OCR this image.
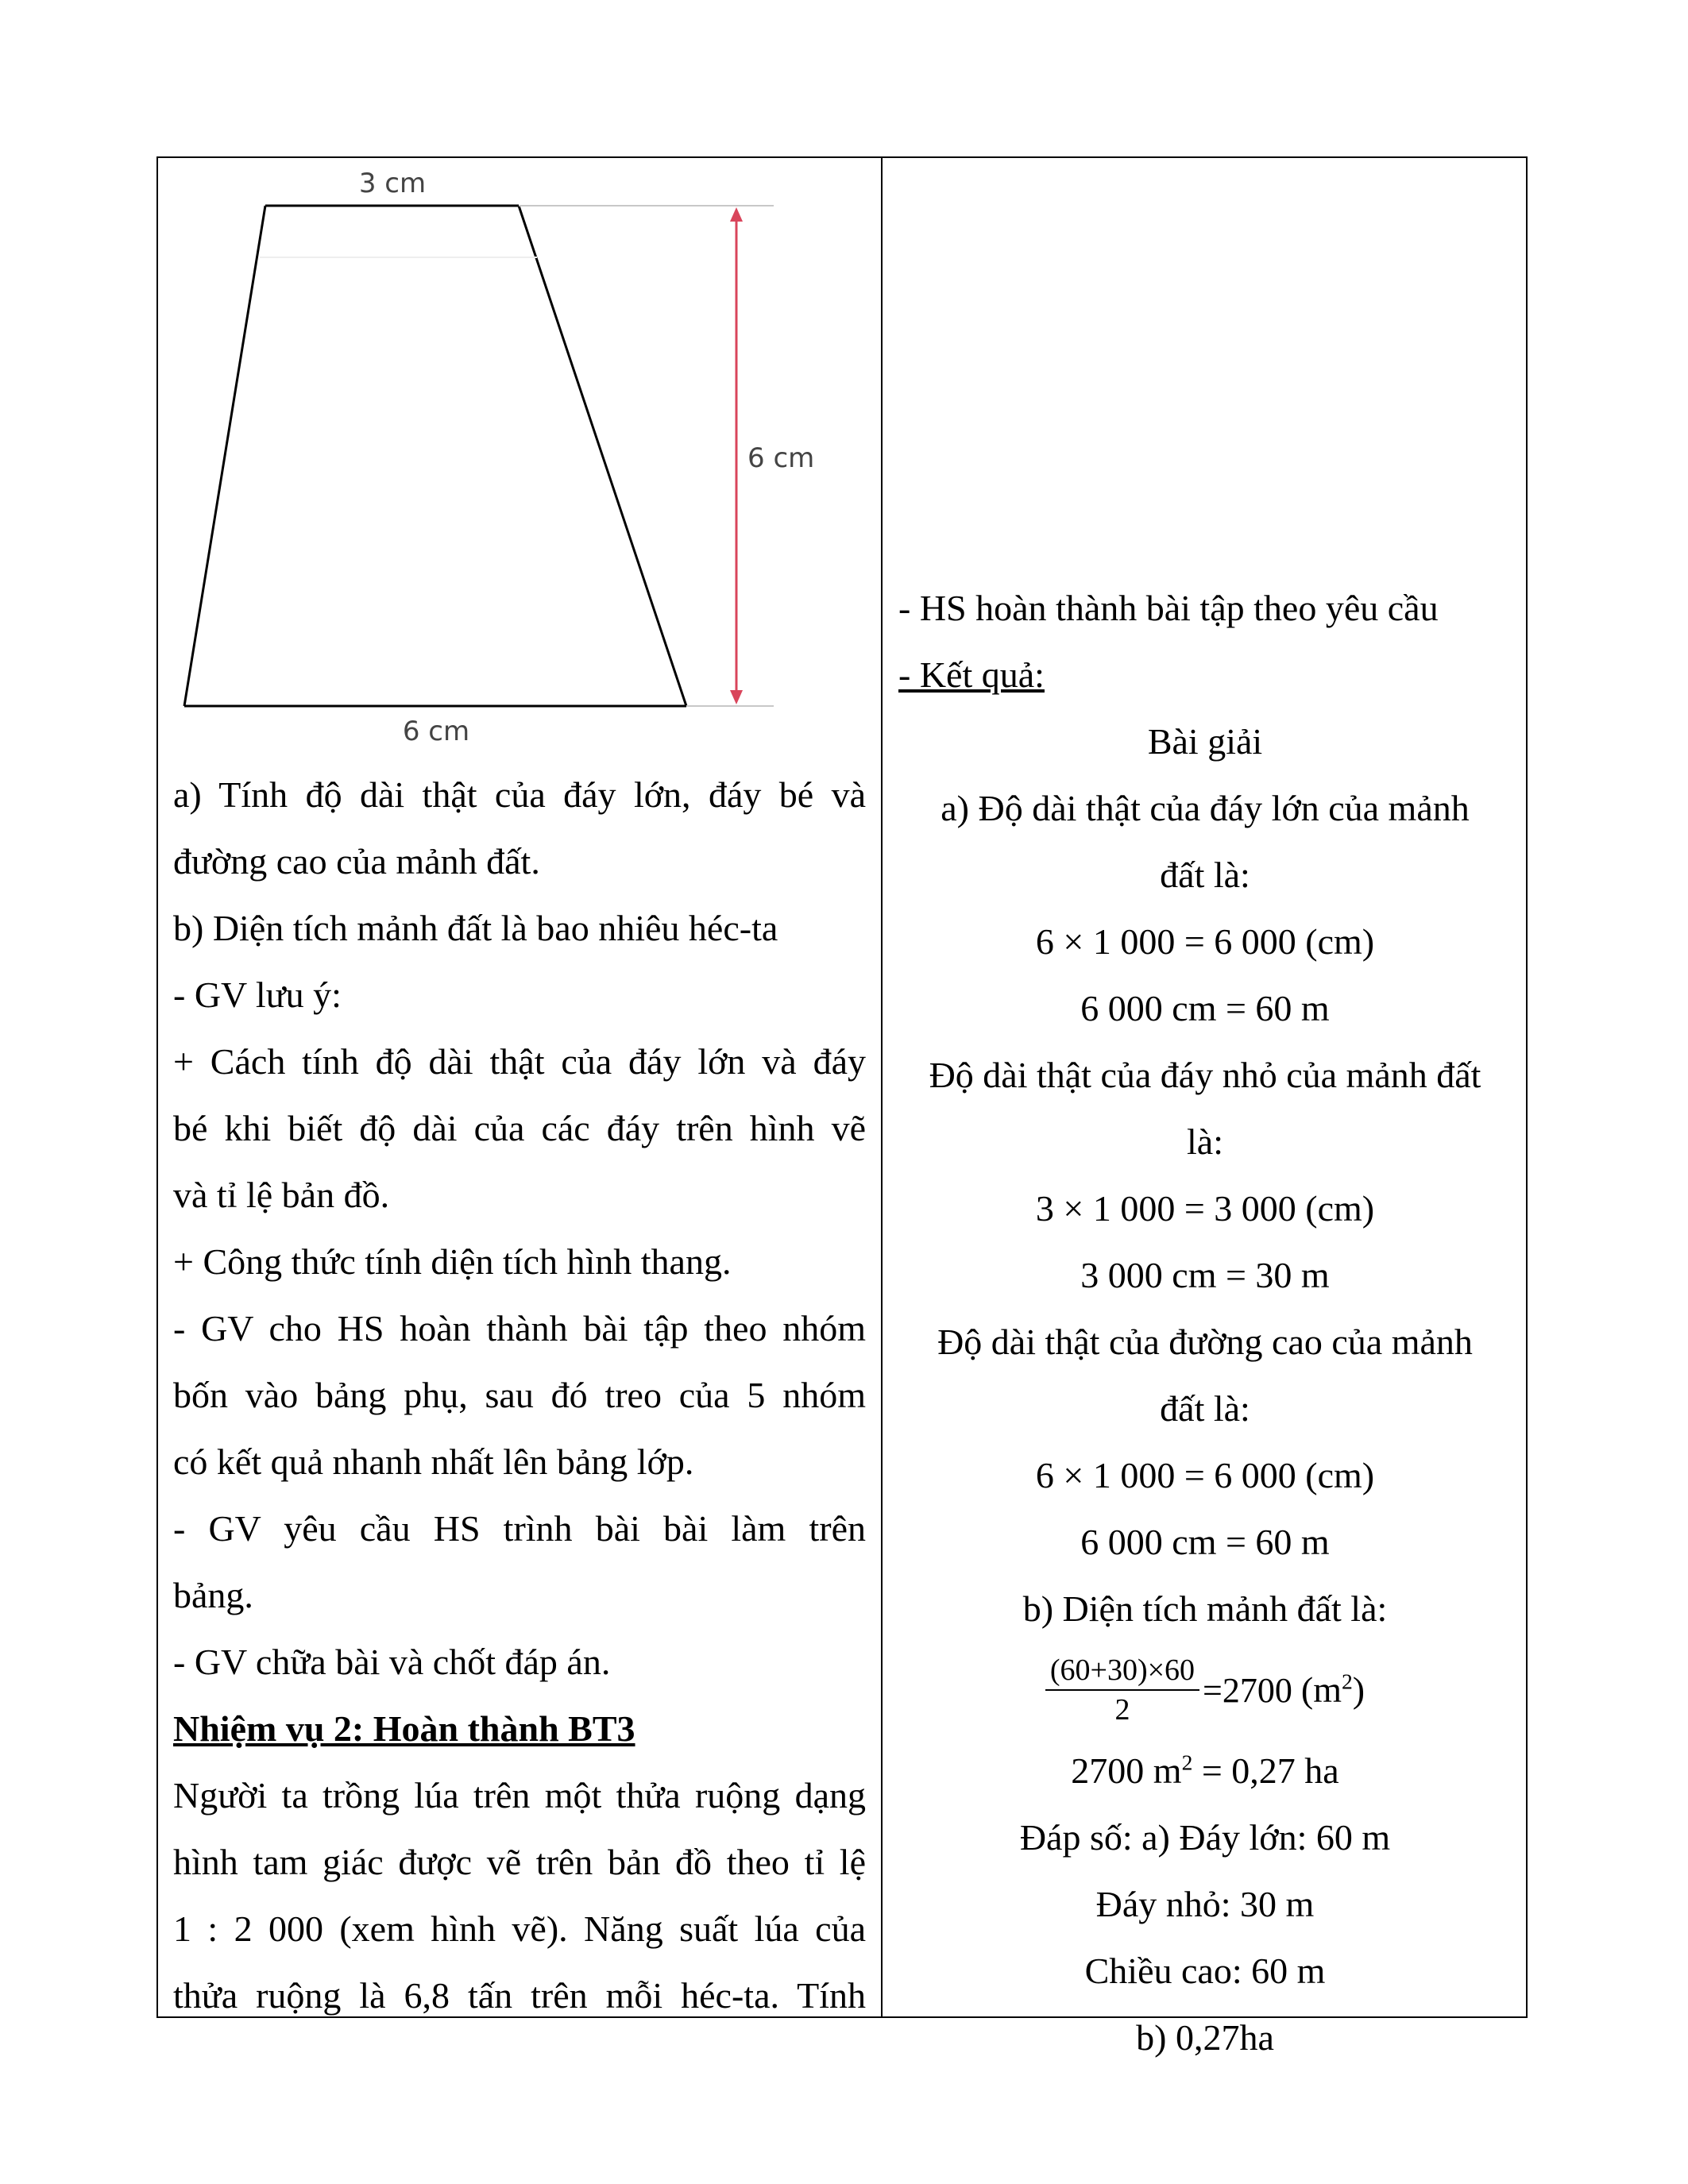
3 cm
6 cm
6 cm

a) Tính độ dài thật của đáy lớn, đáy bé và

đường cao của mảnh đất.

b) Diện tích mảnh đất là bao nhiêu héc-ta

- GV lưu ý:

+ Cách tính độ dài thật của đáy lớn và đáy

bé khi biết độ dài của các đáy trên hình vẽ

và tỉ lệ bản đồ.

+ Công thức tính diện tích hình thang.

- GV cho HS hoàn thành bài tập theo nhóm

bốn vào bảng phụ, sau đó treo của 5 nhóm

có kết quả nhanh nhất lên bảng lớp.

- GV yêu cầu HS trình bài bài làm trên

bảng.

- GV chữa bài và chốt đáp án.

Nhiệm vụ 2: Hoàn thành BT3

Người ta trồng lúa trên một thửa ruộng dạng

hình tam giác được vẽ trên bản đồ theo tỉ lệ

1 : 2 000 (xem hình vẽ). Năng suất lúa của

thửa ruộng là 6,8 tấn trên mỗi héc-ta. Tính

- HS hoàn thành bài tập theo yêu cầu

- Kết quả:

Bài giải

a) Độ dài thật của đáy lớn của mảnh

đất là:

6 × 1 000 = 6 000 (cm)

6 000 cm = 60 m

Độ dài thật của đáy nhỏ của mảnh đất

là:

3 × 1 000 = 3 000 (cm)

3 000 cm = 30 m

Độ dài thật của đường cao của mảnh

đất là:

6 × 1 000 = 6 000 (cm)

6 000 cm = 60 m

b) Diện tích mảnh đất là:

$\frac{(60+30)\times 60}{2} =2700$ $(m^2)$

2700 $m^2 = 0,27$ ha

Đáp số: a) Đáy lớn: 60 m

Đáy nhỏ: 30 m

Chiều cao: 60 m

b) 0,27ha
